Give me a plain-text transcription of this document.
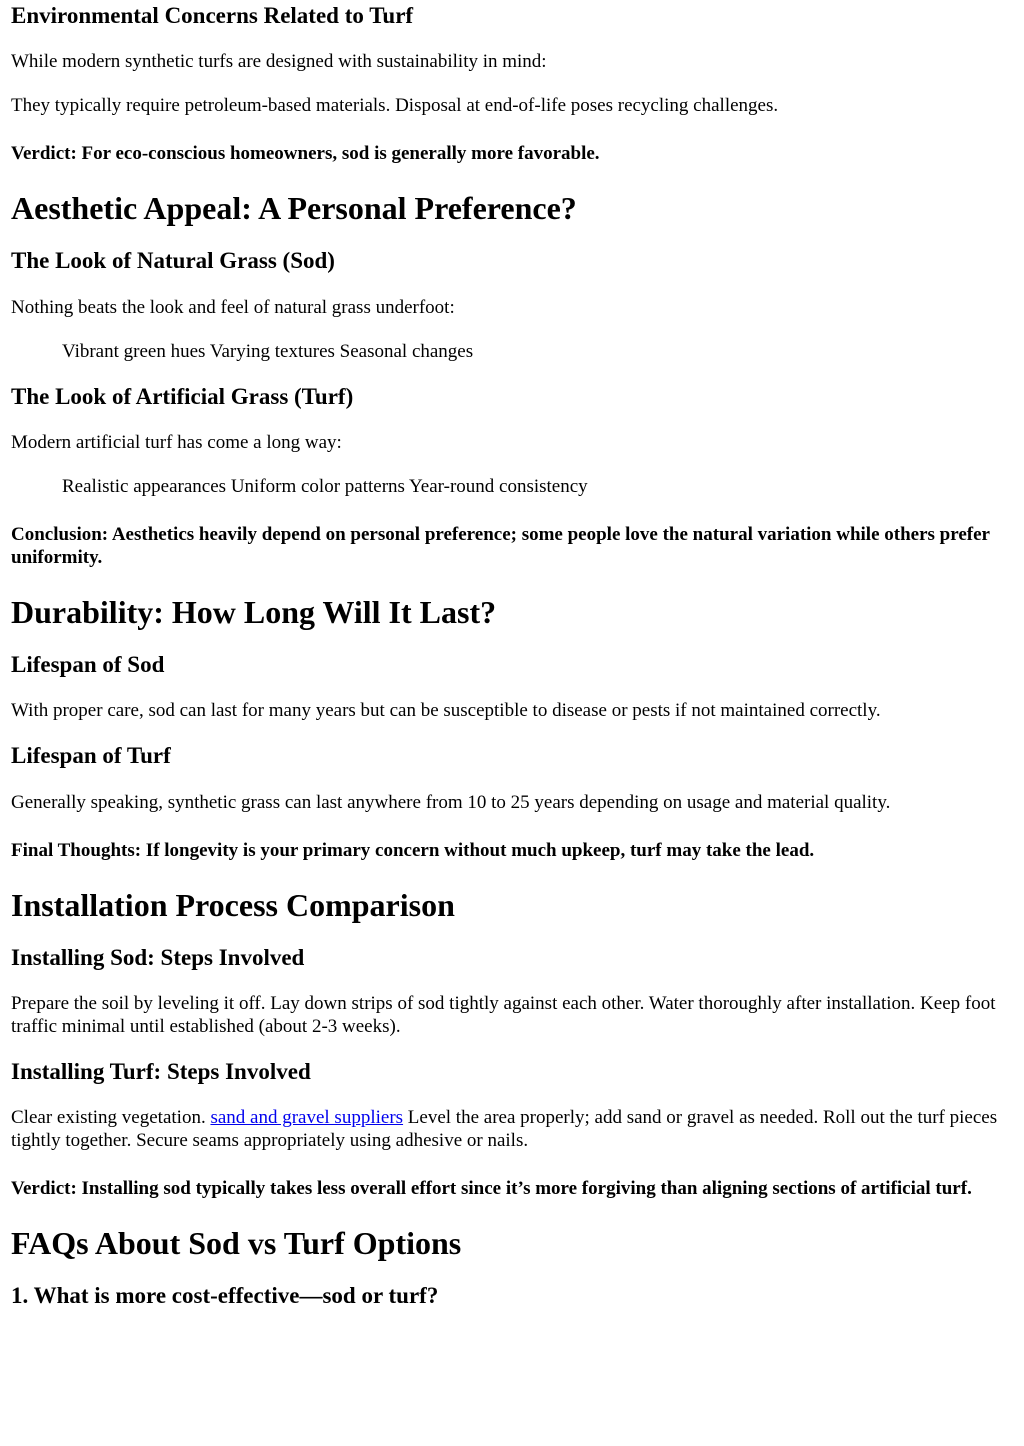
Environmental Concerns Related to Turf

While modern synthetic turfs are designed with sustainability in mind:

They typically require petroleum-based materials. Disposal at end-of-life poses recycling challenges.

Verdict: For eco-conscious homeowners, sod is generally more favorable.

Aesthetic Appeal: A Personal Preference?
The Look of Natural Grass (Sod)

Nothing beats the look and feel of natural grass underfoot:

Vibrant green hues Varying textures Seasonal changes
The Look of Artificial Grass (Turf)

Modern artificial turf has come a long way:

Realistic appearances Uniform color patterns Year-round consistency

Conclusion: Aesthetics heavily depend on personal preference; some people love the natural variation while others prefer uniformity.

Durability: How Long Will It Last?
Lifespan of Sod

With proper care, sod can last for many years but can be susceptible to disease or pests if not maintained correctly.

Lifespan of Turf

Generally speaking, synthetic grass can last anywhere from 10 to 25 years depending on usage and material quality.

Final Thoughts: If longevity is your primary concern without much upkeep, turf may take the lead.

Installation Process Comparison
Installing Sod: Steps Involved

Prepare the soil by leveling it off. Lay down strips of sod tightly against each other. Water thoroughly after installation. Keep foot traffic minimal until established (about 2-3 weeks).

Installing Turf: Steps Involved

Clear existing vegetation. sand and gravel suppliers Level the area properly; add sand or gravel as needed. Roll out the turf pieces tightly together. Secure seams appropriately using adhesive or nails.

Verdict: Installing sod typically takes less overall effort since it’s more forgiving than aligning sections of artificial turf.

FAQs About Sod vs Turf Options
1. What is more cost-effective—sod or turf?
